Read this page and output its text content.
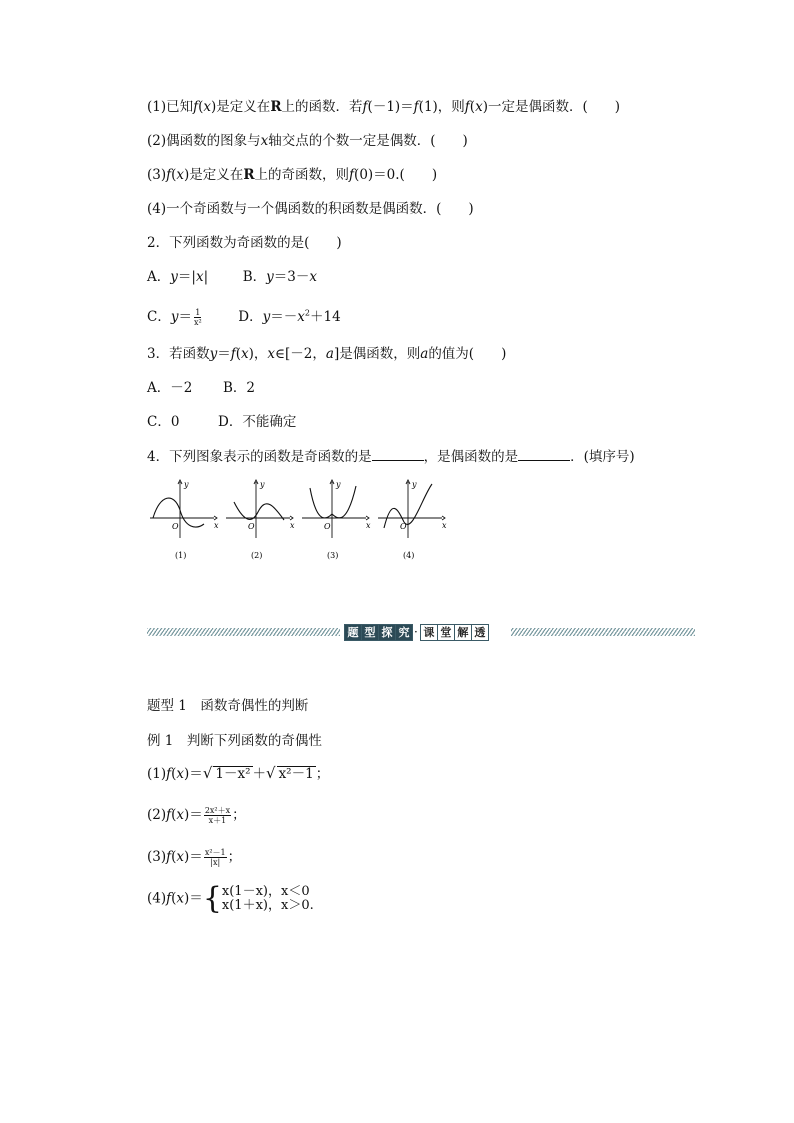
(1)已知f(x)是定义在R上的函数．若f(－1)＝f(1)，则f(x)一定是偶函数．(　　)
(2)偶函数的图象与x轴交点的个数一定是偶数．(　　)
(3)f(x)是定义在R上的奇函数，则f(0)＝0.(　　)
(4)一个奇函数与一个偶函数的积函数是偶函数．(　　)
2．下列函数为奇函数的是(　　)
A．y＝|x|	B．y＝3－x
C．$y= \frac{1}{\text{x²}}$	D．$y=-x^2+14$
3．若函数y＝f(x)，x∈[－2，a]是偶函数，则a的值为(　　)
A．－2 B．2
C．0	D．不能确定
4．下列图象表示的函数是奇函数的是	，是偶函数的是	．(填序号)
x
y
O
(1)
x
y
O
(2)
x
y
O
(3)
x
y
O
(4)
题 型 探 究 · 课 堂 解 透
题型 1　函数奇偶性的判断
例 1　判断下列函数的奇偶性
(1)f(x)＝√ 1－x² ＋√ x²－1 ；
$(2)f(x)= \frac{\text{2x²＋x}}{x+1}$ ；
$(3)f(x)= \frac{\text{x²－1}}{|x|}$ ；
(4)f(x)＝{ x(1－x)，x＜0
x(1＋x)，x＞0.
